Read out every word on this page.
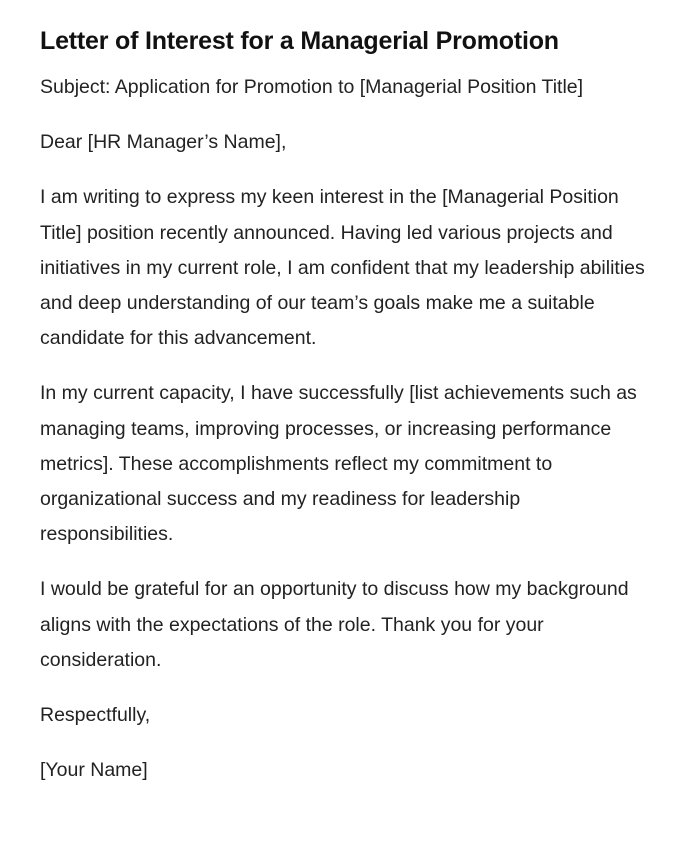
Letter of Interest for a Managerial Promotion

Subject: Application for Promotion to [Managerial Position Title]

Dear [HR Manager’s Name],

I am writing to express my keen interest in the [Managerial Position Title] position recently announced. Having led various projects and initiatives in my current role, I am confident that my leadership abilities and deep understanding of our team’s goals make me a suitable candidate for this advancement.

In my current capacity, I have successfully [list achievements such as managing teams, improving processes, or increasing performance metrics]. These accomplishments reflect my commitment to organizational success and my readiness for leadership responsibilities.

I would be grateful for an opportunity to discuss how my background aligns with the expectations of the role. Thank you for your consideration.

Respectfully,

[Your Name]
